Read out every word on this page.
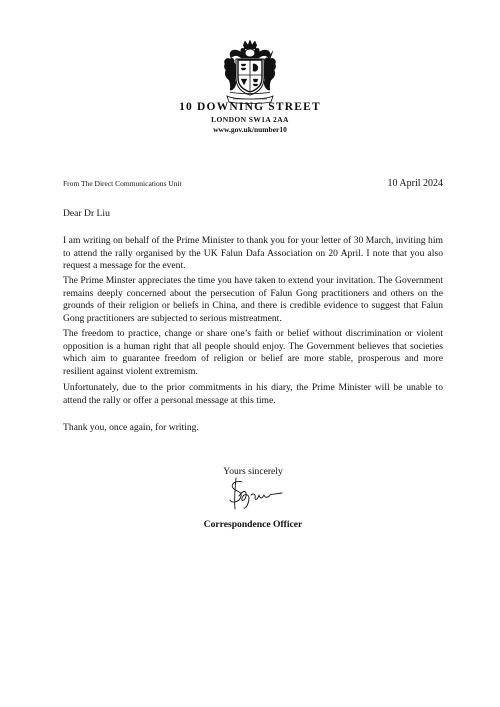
10 DOWNING STREET
LONDON SW1A 2AA
www.gov.uk/number10
From The Direct Communications Unit	10 April 2024
Dear Dr Liu

I am writing on behalf of the Prime Minister to thank you for your letter of 30 March, inviting him to attend the rally organised by the UK Falun Dafa Association on 20 April. I note that you also request a message for the event.

The Prime Minster appreciates the time you have taken to extend your invitation. The Government remains deeply concerned about the persecution of Falun Gong practitioners and others on the grounds of their religion or beliefs in China, and there is credible evidence to suggest that Falun Gong practitioners are subjected to serious mistreatment.

The freedom to practice, change or share one’s faith or belief without discrimination or violent opposition is a human right that all people should enjoy. The Government believes that societies which aim to guarantee freedom of religion or belief are more stable, prosperous and more resilient against violent extremism.

Unfortunately, due to the prior commitments in his diary, the Prime Minister will be unable to attend the rally or offer a personal message at this time.

Thank you, once again, for writing.

Yours sincerely
Correspondence Officer
